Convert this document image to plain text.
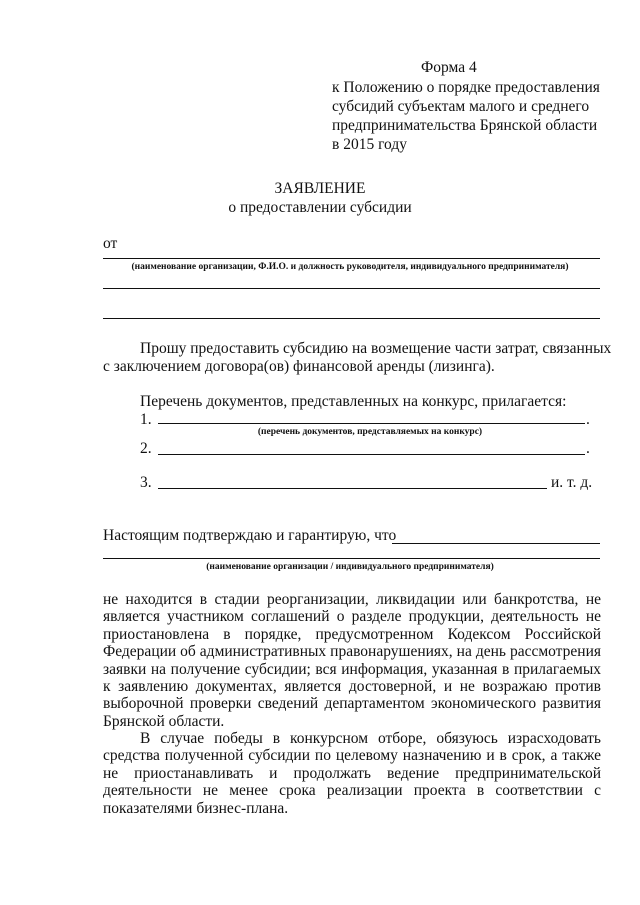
Форма 4
к Положению о порядке предоставления
субсидий субъектам малого и среднего
предпринимательства Брянской области
в 2015 году
ЗАЯВЛЕНИЕ
о предоставлении субсидии
от
(наименование организации, Ф.И.О. и должность руководителя, индивидуального предпринимателя)
Прошу предоставить субсидию на возмещение части затрат, связанных
с заключением договора(ов) финансовой аренды (лизинга).
Перечень документов, представленных на конкурс, прилагается:
1.	.
(перечень документов, представляемых на конкурс)
2.	.
3.	и. т. д.
Настоящим подтверждаю и гарантирую, что
(наименование организации / индивидуального предпринимателя)
не находится в стадии реорганизации, ликвидации или банкротства, не является участником соглашений о разделе продукции, деятельность не приостановлена в порядке, предусмотренном Кодексом Российской Федерации об административных правонарушениях, на день рассмотрения заявки на получение субсидии; вся информация, указанная в прилагаемых к заявлению документах, является достоверной, и не возражаю против выборочной проверки сведений департаментом экономического развития Брянской области.
В случае победы в конкурсном отборе, обязуюсь израсходовать средства полученной субсидии по целевому назначению и в срок, а также не приостанавливать и продолжать ведение предпринимательской деятельности не менее срока реализации проекта в соответствии с показателями бизнес-плана.
